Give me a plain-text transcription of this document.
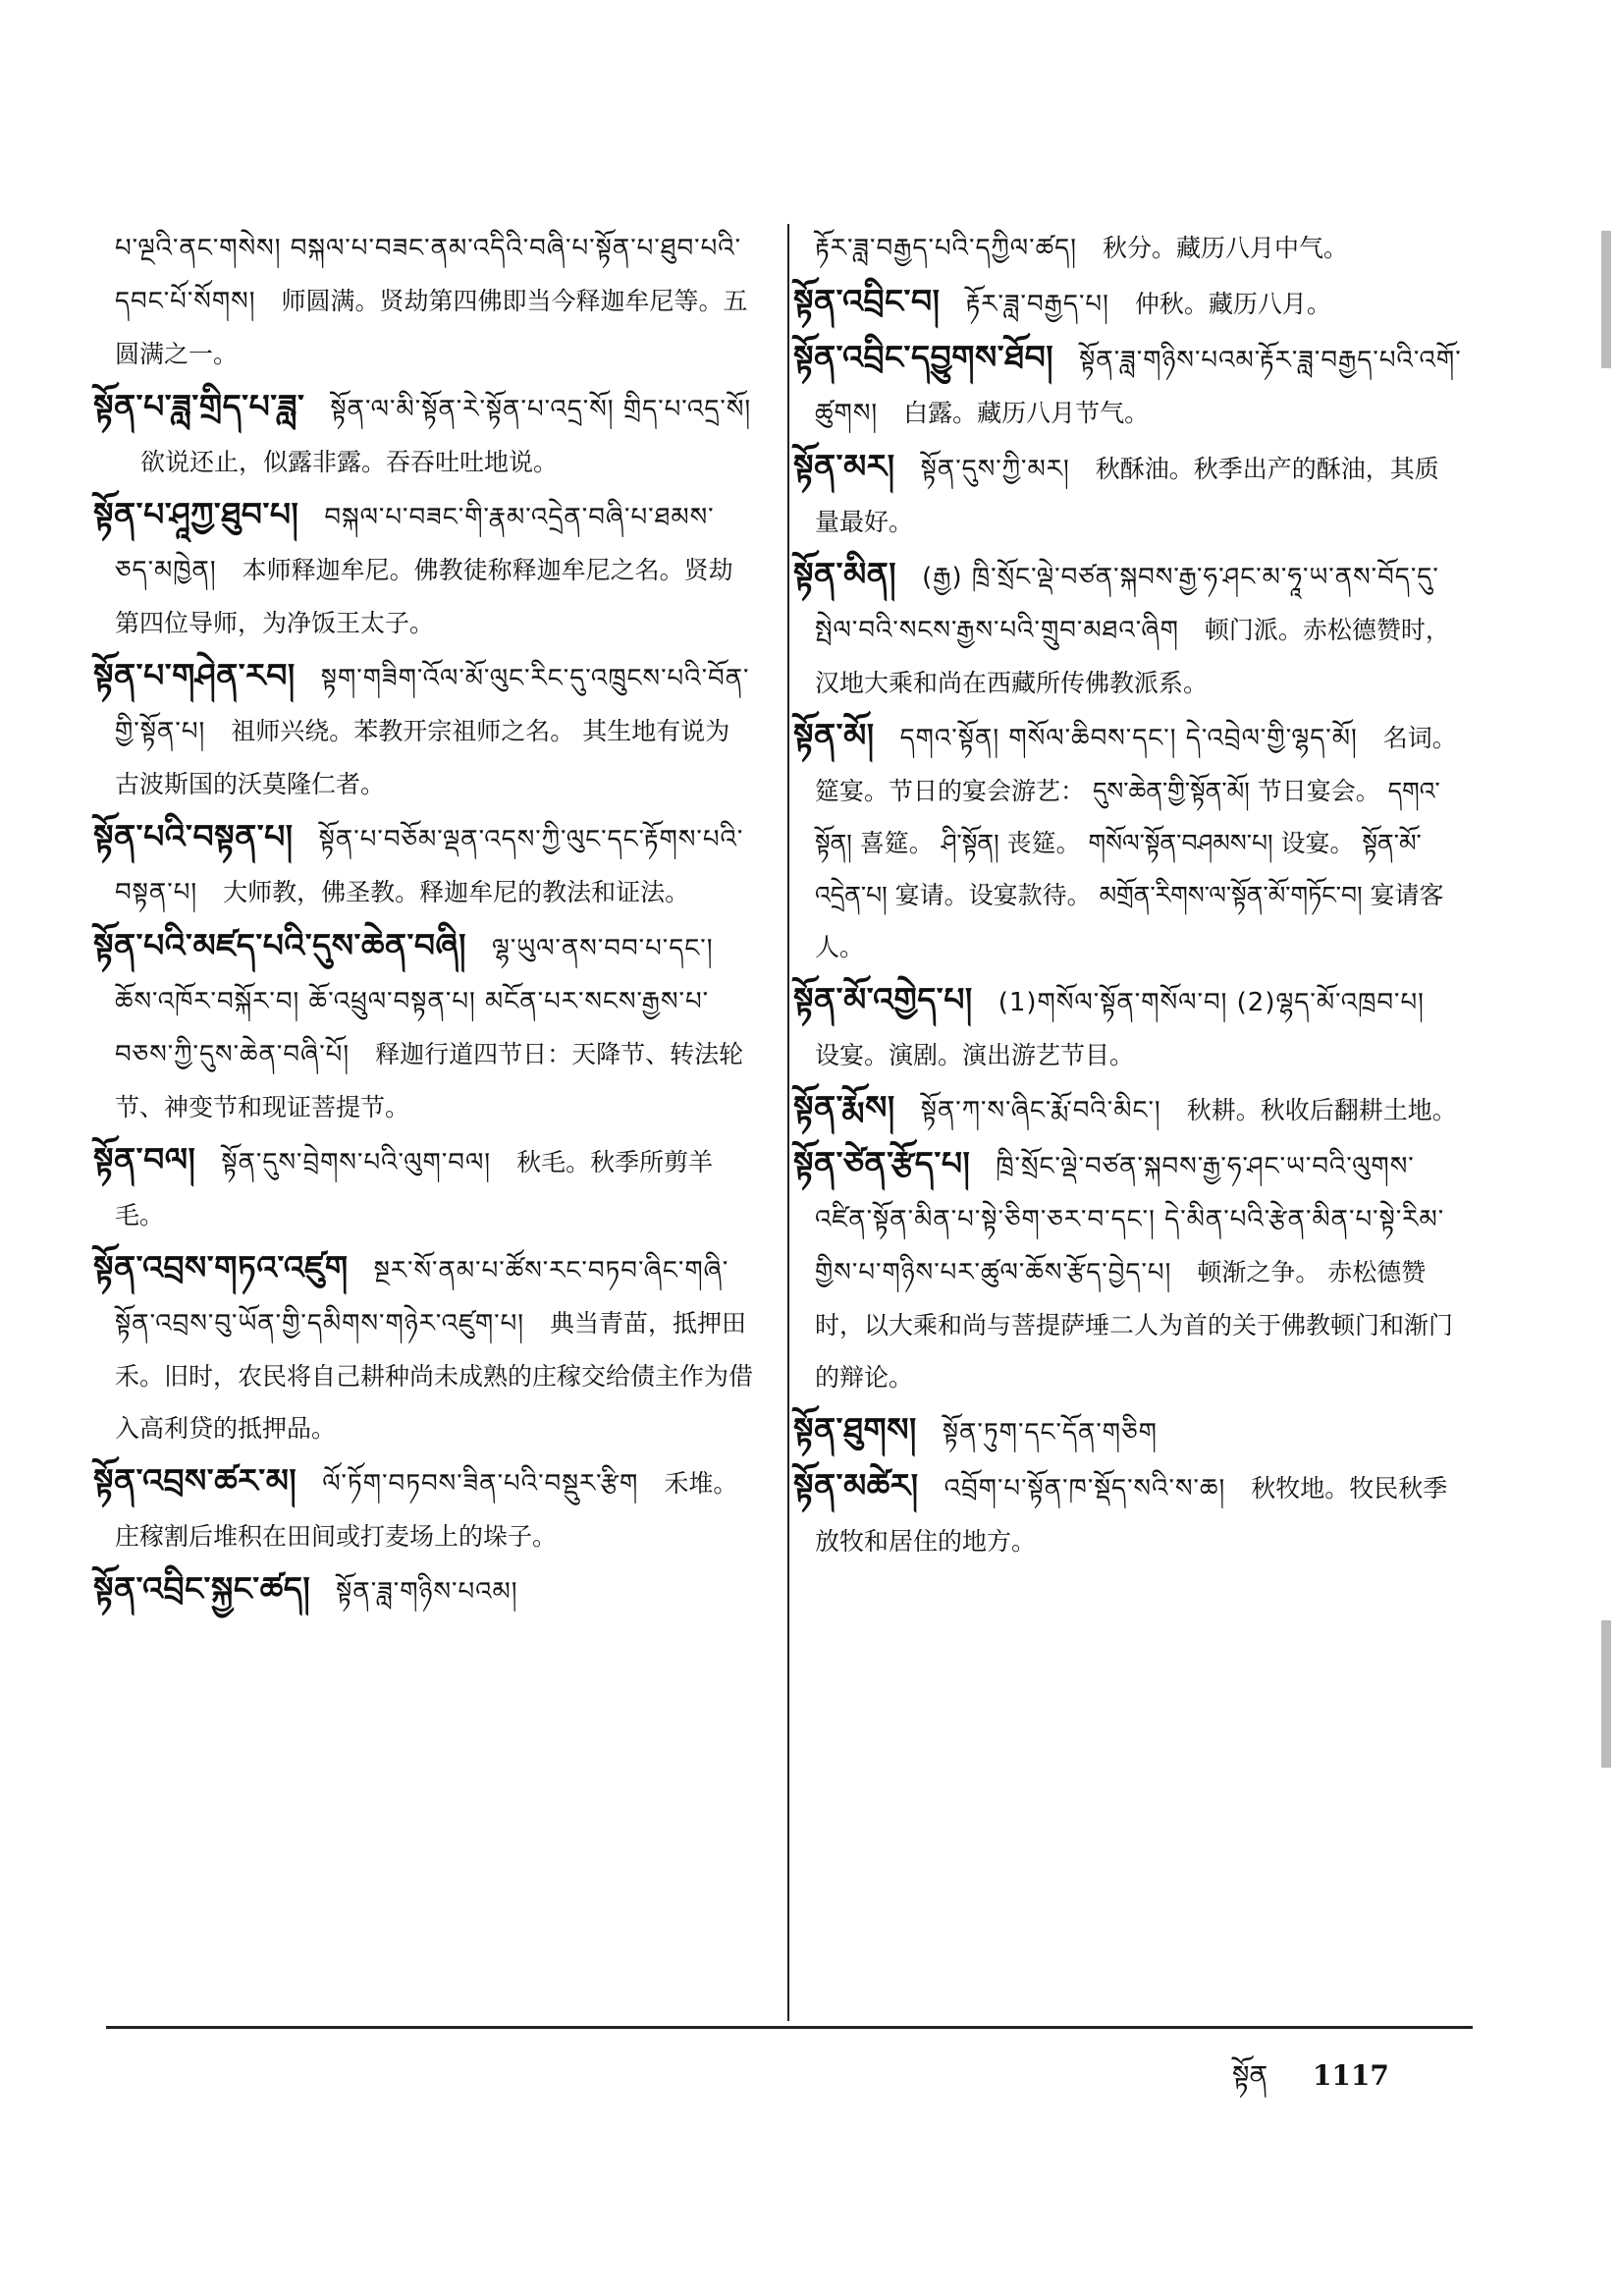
པ་ལྔའི་ནང་གསེས། བསྐལ་པ་བཟང་ནམ་འདིའི་བཞི་པ་སྟོན་པ་ཐུབ་པའི་དབང་པོ་སོགས། 师圆满。贤劫第四佛即当今释迦牟尼等。五圆满之一。

སྟོན་པ་ཟླ་གྲིད་པ་ཟླ་ སྟོན་ལ་མི་སྟོན་རེ་སྟོན་པ་འདྲ་སོ། གྲིད་པ་འདྲ་སོ།欲说还止，似露非露。吞吞吐吐地说。

སྟོན་པ་ཤཱཀྱ་ཐུབ་པ། བསྐལ་པ་བཟང་གི་རྣམ་འདྲེན་བཞི་པ་ཐམས་ཅད་མཁྱེན། 本师释迦牟尼。佛教徒称释迦牟尼之名。贤劫第四位导师，为净饭王太子。

སྟོན་པ་གཤེན་རབ། སྟག་གཟིག་འོལ་མོ་ལུང་རིང་དུ་འཁྲུངས་པའི་བོན་གྱི་སྟོན་པ། 祖师兴绕。苯教开宗祖师之名。 其生地有说为古波斯国的沃莫隆仁者。

སྟོན་པའི་བསྟན་པ། སྟོན་པ་བཅོམ་ལྡན་འདས་ཀྱི་ལུང་དང་རྟོགས་པའི་བསྟན་པ། 大师教，佛圣教。释迦牟尼的教法和证法。

སྟོན་པའི་མཛད་པའི་དུས་ཆེན་བཞི། ལྷ་ཡུལ་ནས་བབ་པ་དང་། ཆོས་འཁོར་བསྐོར་བ། ཆོ་འཕྲུལ་བསྟན་པ། མངོན་པར་སངས་རྒྱས་པ་བཅས་ཀྱི་དུས་ཆེན་བཞི་པོ། 释迦行道四节日：天降节、转法轮节、神变节和现证菩提节。

སྟོན་བལ། སྟོན་དུས་བྲེགས་པའི་ལུག་བལ། 秋毛。秋季所剪羊毛。

སྟོན་འབྲས་གཏའ་འཛུག སྔར་སོ་ནམ་པ་ཚོས་རང་བཏབ་ཞིང་གཞི་སྟོན་འབྲས་བུ་ཡོན་གྱི་དམིགས་གཉེར་འཛུག་པ། 典当青苗，抵押田禾。旧时，农民将自己耕种尚未成熟的庄稼交给债主作为借入高利贷的抵押品。

སྟོན་འབྲས་ཚར་མ། ལོ་ཏོག་བཏབས་ཟིན་པའི་བསྡུར་རྩིག 禾堆。庄稼割后堆积在田间或打麦场上的垛子。

སྟོན་འབྲིང་སྐྱང་ཚད། སྟོན་ཟླ་གཉིས་པའམ།

རྟོར་ཟླ་བརྒྱད་པའི་དཀྱིལ་ཚད། 秋分。藏历八月中气。

སྟོན་འབྲིང་བ། རྟོར་ཟླ་བརྒྱད་པ། 仲秋。藏历八月。

སྟོན་འབྲིང་དབྱུགས་ཐོབ། སྟོན་ཟླ་གཉིས་པའམ་རྟོར་ཟླ་བརྒྱད་པའི་འགོ་ཚུགས། 白露。藏历八月节气。

སྟོན་མར། སྟོན་དུས་ཀྱི་མར། 秋酥油。秋季出产的酥油，其质量最好。

སྟོན་མིན། (རྒྱ) ཁྲི་སྲོང་ལྡེ་བཙན་སྐབས་རྒྱ་ཧ་ཤང་མ་ཧཱ་ཡ་ནས་བོད་དུ་སྤེལ་བའི་སངས་རྒྱས་པའི་གྲུབ་མཐའ་ཞིག 顿门派。赤松德赞时，汉地大乘和尚在西藏所传佛教派系。

སྟོན་མོ། དགའ་སྟོན། གསོལ་ཆིབས་དང་། དེ་འབྲེལ་གྱི་ལྷད་མོ། 名词。筵宴。节日的宴会游艺： དུས་ཆེན་གྱི་སྟོན་མོ། 节日宴会。 དགའ་སྟོན། 喜筵。 ཤི་སྟོན། 丧筵。 གསོལ་སྟོན་བཤམས་པ། 设宴。 སྟོན་མོ་འདྲེན་པ། 宴请。设宴款待。 མགྲོན་རིགས་ལ་སྟོན་མོ་གཏོང་བ། 宴请客人。

སྟོན་མོ་འགྱེད་པ། (1)གསོལ་སྟོན་གསོལ་བ། (2)ལྷད་མོ་འཁྲབ་པ།设宴。演剧。演出游艺节目。

སྟོན་རྨོས། སྟོན་ཀ་ས་ཞིང་རྨོ་བའི་མིང་། 秋耕。秋收后翻耕土地。

སྟོན་ཙེན་རྩོད་པ། ཁྲི་སྲོང་ལྡེ་བཙན་སྐབས་རྒྱ་ཧ་ཤང་ཡ་བའི་ལུགས་འཛིན་སྟོན་མིན་པ་སྟེ་ཅིག་ཅར་བ་དང་། དེ་མིན་པའི་རྩེན་མིན་པ་སྟེ་རིམ་གྱིས་པ་གཉིས་པར་ཚུལ་ཆོས་རྩོད་བྱེད་པ། 顿渐之争。 赤松德赞时，以大乘和尚与菩提萨埵二人为首的关于佛教顿门和渐门的辩论。

སྟོན་ཐུགས། སྟོན་ཏུག་དང་དོན་གཅིག

སྟོན་མཚེར། འབྲོག་པ་སྟོན་ཁ་སྡོད་སའི་ས་ཆ། 秋牧地。牧民秋季放牧和居住的地方。

སྟོན 1117
